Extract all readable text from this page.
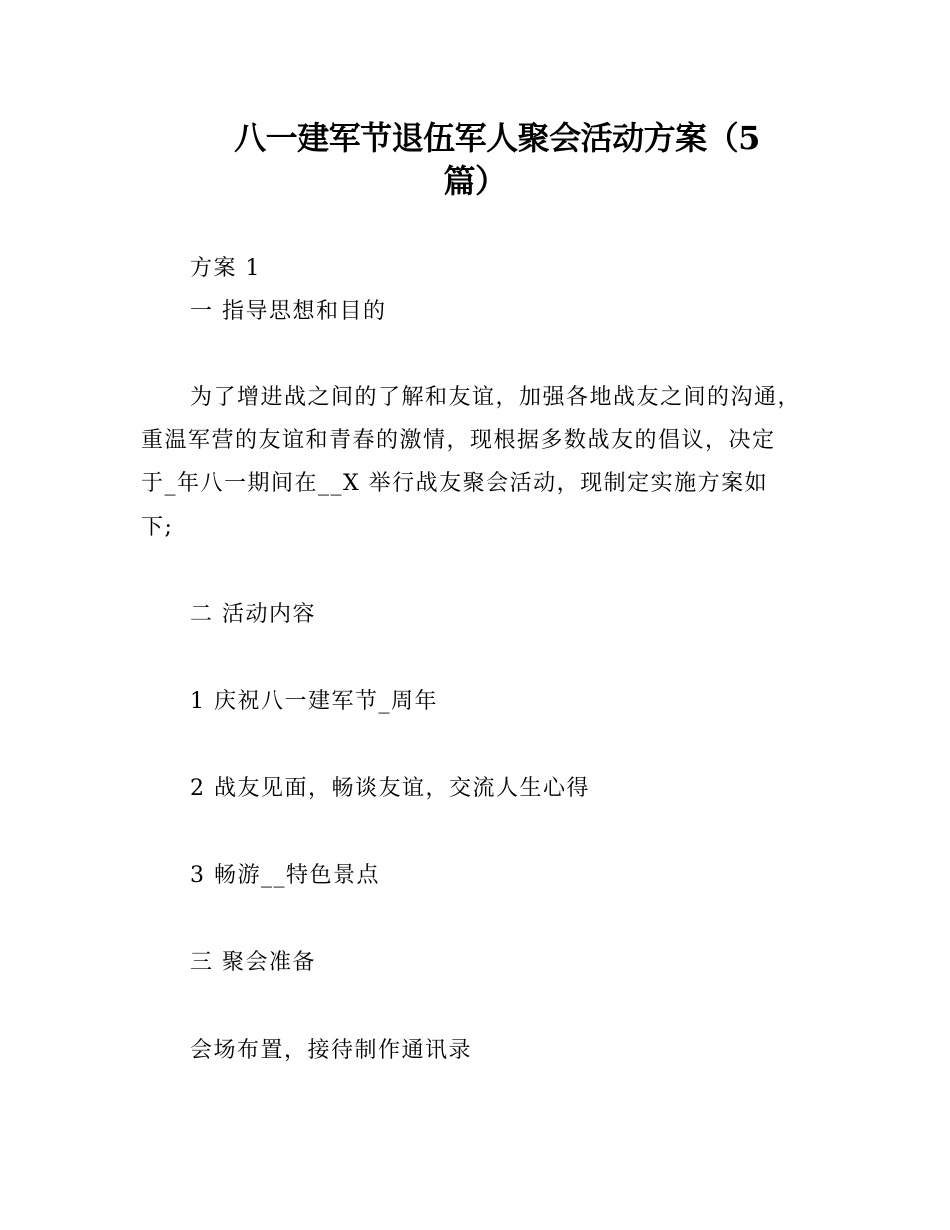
八一建军节退伍军人聚会活动方案（5
篇）
方案 1
一 指导思想和目的
为了增进战之间的了解和友谊，加强各地战友之间的沟通，
重温军营的友谊和青春的激情，现根据多数战友的倡议，决定
于_年八一期间在__X 举行战友聚会活动，现制定实施方案如
下;
二 活动内容
1 庆祝八一建军节_周年
2 战友见面，畅谈友谊，交流人生心得
3 畅游__特色景点
三 聚会准备
会场布置，接待制作通讯录
